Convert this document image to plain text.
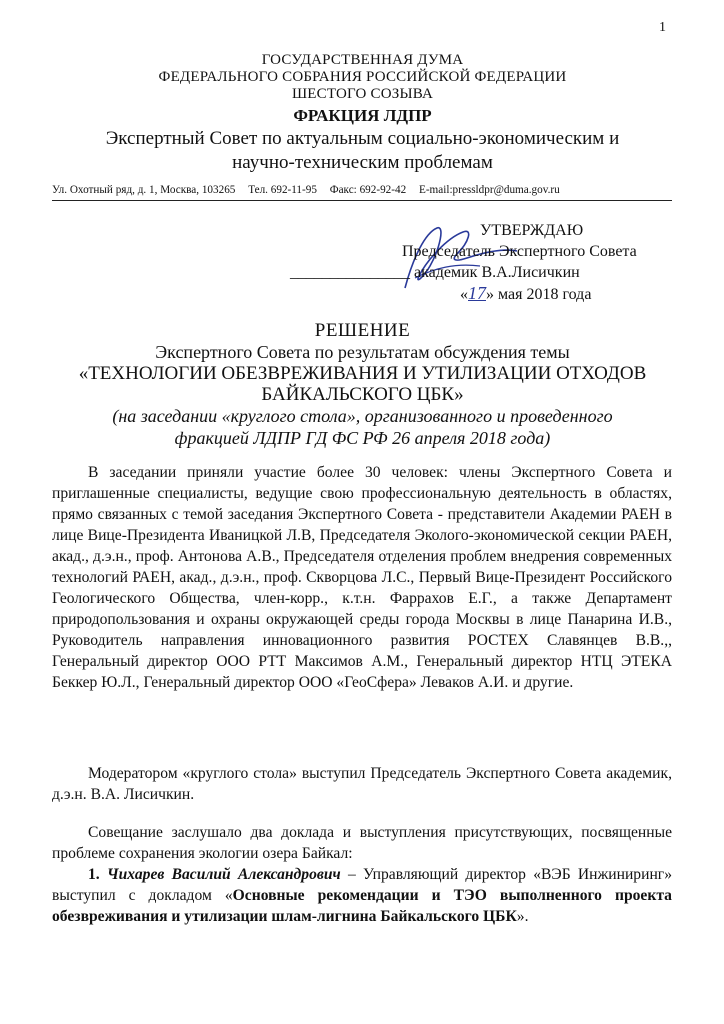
1
ГОСУДАРСТВЕННАЯ ДУМА
ФЕДЕРАЛЬНОГО СОБРАНИЯ РОССИЙСКОЙ ФЕДЕРАЦИИ
ШЕСТОГО СОЗЫВА
ФРАКЦИЯ ЛДПР
Экспертный Совет по актуальным социально-экономическим и
научно-техническим проблемам
Ул. Охотный ряд, д. 1, Москва, 103265 Тел. 692-11-95 Факс: 692-92-42 E-mail:pressldpr@duma.gov.ru
УТВЕРЖДАЮ
Председатель Экспертного Совета
_______________ академик В.А.Лисичкин
«17» мая 2018 года
РЕШЕНИЕ
Экспертного Совета по результатам обсуждения темы
«ТЕХНОЛОГИИ ОБЕЗВРЕЖИВАНИЯ И УТИЛИЗАЦИИ ОТХОДОВ
БАЙКАЛЬСКОГО ЦБК»
(на заседании «круглого стола», организованного и проведенного
фракцией ЛДПР ГД ФС РФ 26 апреля 2018 года)
В заседании приняли участие более 30 человек: члены Экспертного Совета и приглашенные специалисты, ведущие свою профессиональную деятельность в областях, прямо связанных с темой заседания Экспертного Совета - представители Академии РАЕН в лице Вице-Президента Иваницкой Л.В, Председателя Эколого-экономической секции РАЕН, акад., д.э.н., проф. Антонова А.В., Председателя отделения проблем внедрения современных технологий РАЕН, акад., д.э.н., проф. Скворцова Л.С., Первый Вице-Президент Российского Геологического Общества, член-корр., к.т.н. Фаррахов Е.Г., а также Департамент природопользования и охраны окружающей среды города Москвы в лице Панарина И.В., Руководитель направления инновационного развития РОСТЕХ Славянцев В.В.,, Генеральный директор ООО РТТ Максимов А.М., Генеральный директор НТЦ ЭТЕКА Беккер Ю.Л., Генеральный директор ООО «ГеоСфера» Леваков А.И. и другие.
Модератором «круглого стола» выступил Председатель Экспертного Совета академик, д.э.н. В.А. Лисичкин.
Совещание заслушало два доклада и выступления присутствующих, посвященные проблеме сохранения экологии озера Байкал:
1. Чихарев Василий Александрович – Управляющий директор «ВЭБ Инжиниринг» выступил с докладом «Основные рекомендации и ТЭО выполненного проекта обезвреживания и утилизации шлам-лигнина Байкальского ЦБК».
